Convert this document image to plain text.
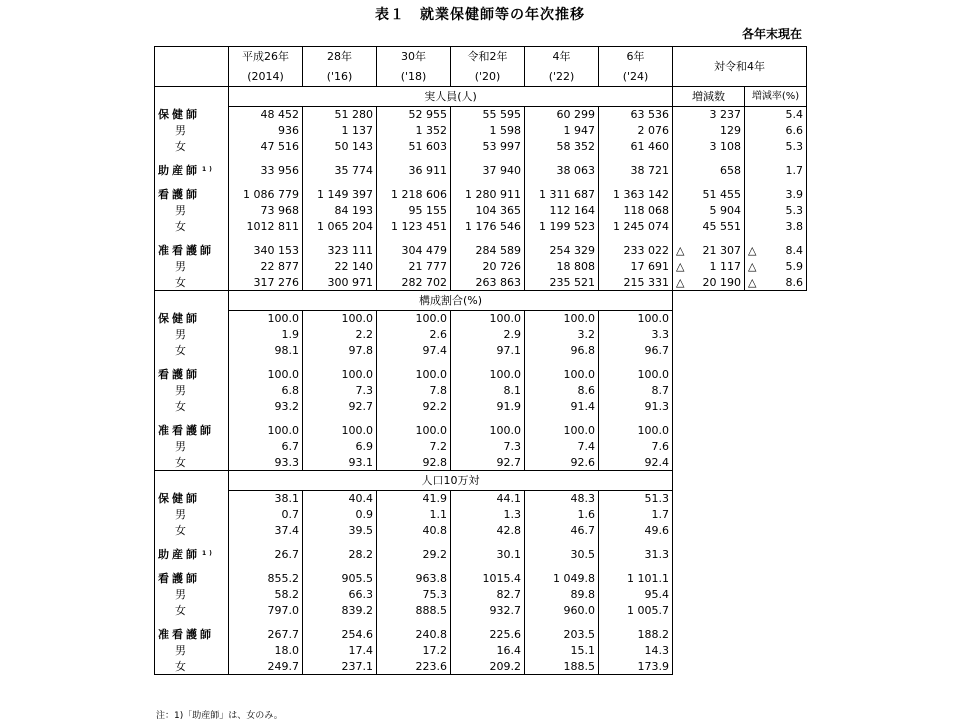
表１　就業保健師等の年次推移
各年末現在
	平成26年	28年	30年	令和2年	4年	6年	対令和4年	
	(2014)	('16)	('18)	('20)	('22)	('24)		
	実人員(人)						増減数	増減率(%)
保健師	48 452	51 280	52 955	55 595	60 299	63 536	3 237	5.4
男	936	1 137	1 352	1 598	1 947	2 076	129	6.6
女	47 516	50 143	51 603	53 997	58 352	61 460	3 108	5.3

助産師 $^{1)}$	33 956	35 774	36 911	37 940	38 063	38 721	658	1.7

看護師	1 086 779	1 149 397	1 218 606	1 280 911	1 311 687	1 363 142	51 455	3.9
男	73 968	84 193	95 155	104 365	112 164	118 068	5 904	5.3
女	1012 811	1 065 204	1 123 451	1 176 546	1 199 523	1 245 074	45 551	3.8

准看護師	340 153	323 111	304 479	284 589	254 329	233 022	△ 21 307	△ 8.4
男	22 877	22 140	21 777	20 726	18 808	17 691	△ 1 117	△ 5.9
女	317 276	300 971	282 702	263 863	235 521	215 331	△ 20 190	△ 8.6
	構成割合(%)							
保健師	100.0	100.0	100.0	100.0	100.0	100.0		
男	1.9	2.2	2.6	2.9	3.2	3.3		
女	98.1	97.8	97.4	97.1	96.8	96.7		

看護師	100.0	100.0	100.0	100.0	100.0	100.0		
男	6.8	7.3	7.8	8.1	8.6	8.7		
女	93.2	92.7	92.2	91.9	91.4	91.3		

准看護師	100.0	100.0	100.0	100.0	100.0	100.0		
男	6.7	6.9	7.2	7.3	7.4	7.6		
女	93.3	93.1	92.8	92.7	92.6	92.4		
	人口10万対							
保健師	38.1	40.4	41.9	44.1	48.3	51.3		
男	0.7	0.9	1.1	1.3	1.6	1.7		
女	37.4	39.5	40.8	42.8	46.7	49.6		

助産師 $^{1)}$	26.7	28.2	29.2	30.1	30.5	31.3		

看護師	855.2	905.5	963.8	1015.4	1 049.8	1 101.1		
男	58.2	66.3	75.3	82.7	89.8	95.4		
女	797.0	839.2	888.5	932.7	960.0	1 005.7		

准看護師	267.7	254.6	240.8	225.6	203.5	188.2		
男	18.0	17.4	17.2	16.4	15.1	14.3		
女	249.7	237.1	223.6	209.2	188.5	173.9		
注：1)「助産師」は、女のみ。
